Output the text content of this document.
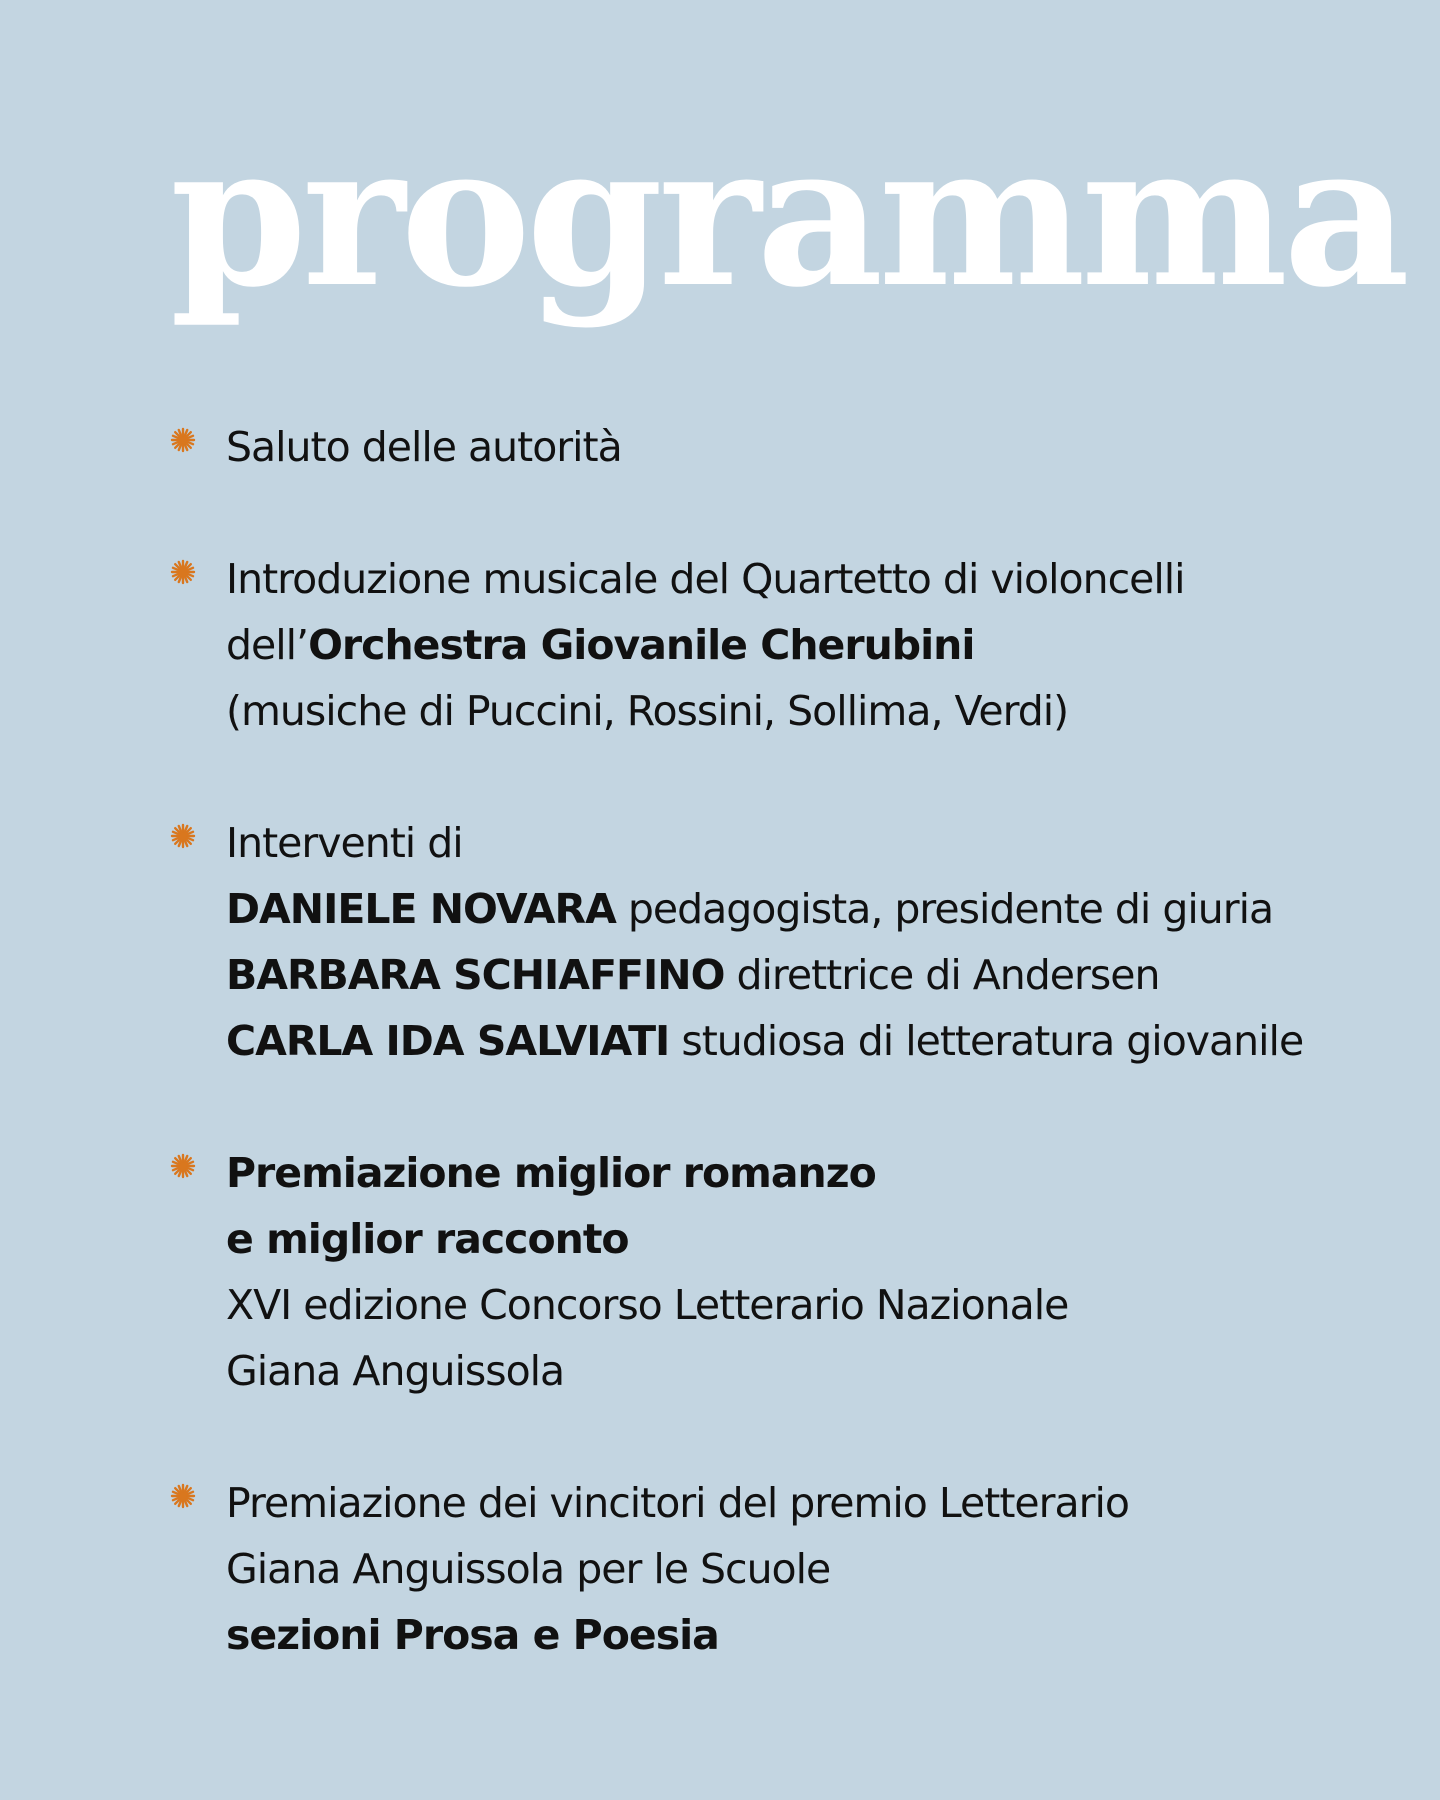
programma
Saluto delle autorità
Introduzione musicale del Quartetto di violoncelli
dell’Orchestra Giovanile Cherubini
(musiche di Puccini, Rossini, Sollima, Verdi)
Interventi di
DANIELE NOVARA pedagogista, presidente di giuria
BARBARA SCHIAFFINO direttrice di Andersen
CARLA IDA SALVIATI studiosa di letteratura giovanile
Premiazione miglior romanzo
e miglior racconto
XVI edizione Concorso Letterario Nazionale
Giana Anguissola
Premiazione dei vincitori del premio Letterario
Giana Anguissola per le Scuole
sezioni Prosa e Poesia
